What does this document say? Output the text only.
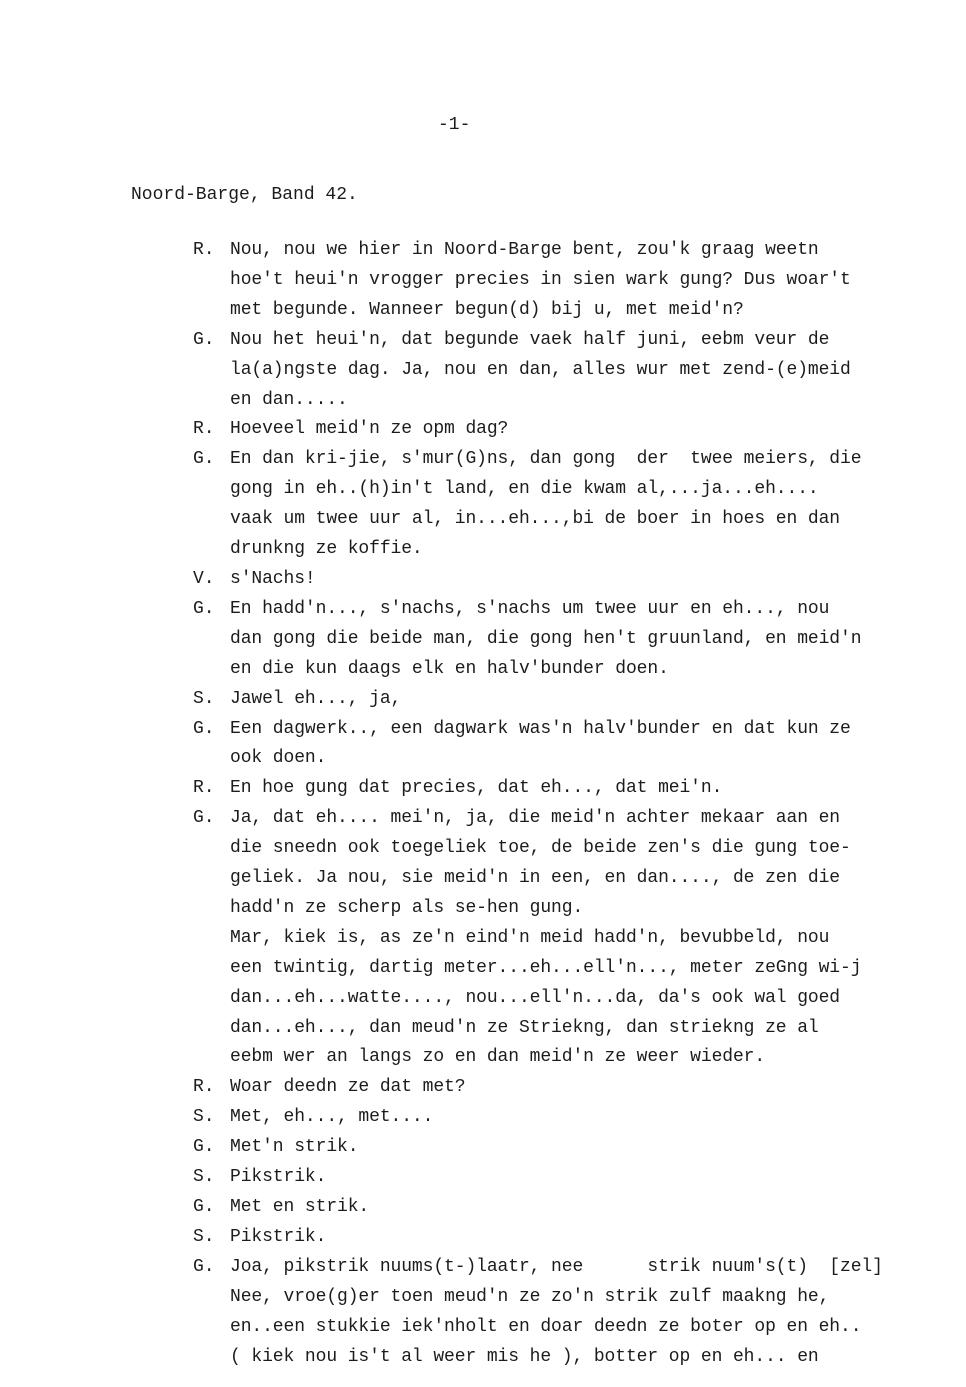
-1-
Noord-Barge, Band 42.
R. Nou, nou we hier in Noord-Barge bent, zou'k graag weetn
hoe't heui'n vrogger precies in sien wark gung? Dus woar't
met begunde. Wanneer begun(d) bij u, met meid'n?
G. Nou het heui'n, dat begunde vaek half juni, eebm veur de
la(a)ngste dag. Ja, nou en dan, alles wur met zend-(e)meid
en dan.....
R. Hoeveel meid'n ze opm dag?
G. En dan kri-jie, s'mur(G)ns, dan gong  der  twee meiers, die
gong in eh..(h)in't land, en die kwam al,...ja...eh....
vaak um twee uur al, in...eh...,bi de boer in hoes en dan
drunkng ze koffie.
V. s'Nachs!
G. En hadd'n..., s'nachs, s'nachs um twee uur en eh..., nou
dan gong die beide man, die gong hen't gruunland, en meid'n
en die kun daags elk en halv'bunder doen.
S. Jawel eh..., ja,
G. Een dagwerk.., een dagwark was'n halv'bunder en dat kun ze
ook doen.
R. En hoe gung dat precies, dat eh..., dat mei'n.
G. Ja, dat eh.... mei'n, ja, die meid'n achter mekaar aan en
die sneedn ook toegeliek toe, de beide zen's die gung toe-
geliek. Ja nou, sie meid'n in een, en dan...., de zen die
hadd'n ze scherp als se-hen gung.
Mar, kiek is, as ze'n eind'n meid hadd'n, bevubbeld, nou
een twintig, dartig meter...eh...ell'n..., meter zeGng wi-j
dan...eh...watte...., nou...ell'n...da, da's ook wal goed
dan...eh..., dan meud'n ze Striekng, dan striekng ze al
eebm wer an langs zo en dan meid'n ze weer wieder.
R. Woar deedn ze dat met?
S. Met, eh..., met....
G. Met'n strik.
S. Pikstrik.
G. Met en strik.
S. Pikstrik.
G. Joa, pikstrik nuums(t-)laatr, nee      strik nuum's(t)  [zel]
Nee, vroe(g)er toen meud'n ze zo'n strik zulf maakng he,
en..een stukkie iek'nholt en doar deedn ze boter op en eh..
( kiek nou is't al weer mis he ), botter op en eh... en
